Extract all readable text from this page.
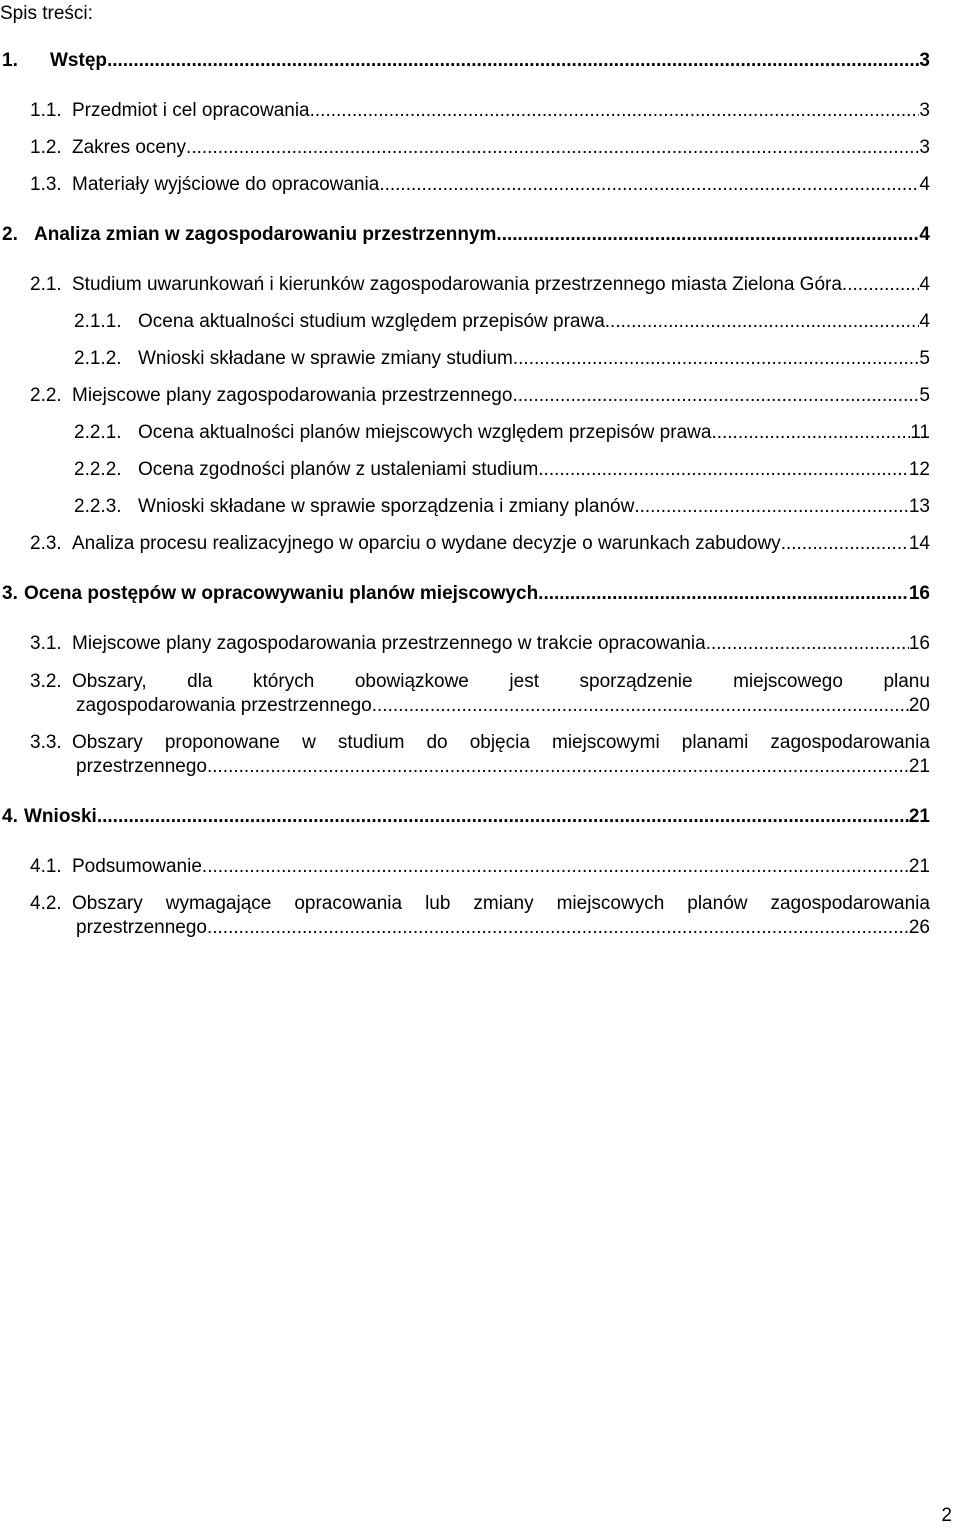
Spis treści:
1. Wstęp .....	3
1.1. Przedmiot i cel opracowania .....	3
1.2. Zakres oceny .....	3
1.3. Materiały wyjściowe do opracowania .....	4
2. Analiza zmian w zagospodarowaniu przestrzennym .....	4
2.1. Studium uwarunkowań i kierunków zagospodarowania przestrzennego miasta Zielona Góra .....	4
2.1.1. Ocena aktualności studium względem przepisów prawa .....	4
2.1.2. Wnioski składane w sprawie zmiany studium .....	5
2.2. Miejscowe plany zagospodarowania przestrzennego .....	5
2.2.1. Ocena aktualności planów miejscowych względem przepisów prawa .....	11
2.2.2. Ocena zgodności planów z ustaleniami studium .....	12
2.2.3. Wnioski składane w sprawie sporządzenia i zmiany planów .....	13
2.3. Analiza procesu realizacyjnego w oparciu o wydane decyzje o warunkach zabudowy .....	14
3. Ocena postępów w opracowywaniu planów miejscowych .....	16
3.1. Miejscowe plany zagospodarowania przestrzennego w trakcie opracowania .....	16
3.2. Obszary, dla których obowiązkowe jest sporządzenie miejscowego planu
zagospodarowania przestrzennego .....	20
3.3. Obszary proponowane w studium do objęcia miejscowymi planami zagospodarowania
przestrzennego .....	21
4. Wnioski .....	21
4.1. Podsumowanie .....	21
4.2. Obszary wymagające opracowania lub zmiany miejscowych planów zagospodarowania
przestrzennego .....	26
2
